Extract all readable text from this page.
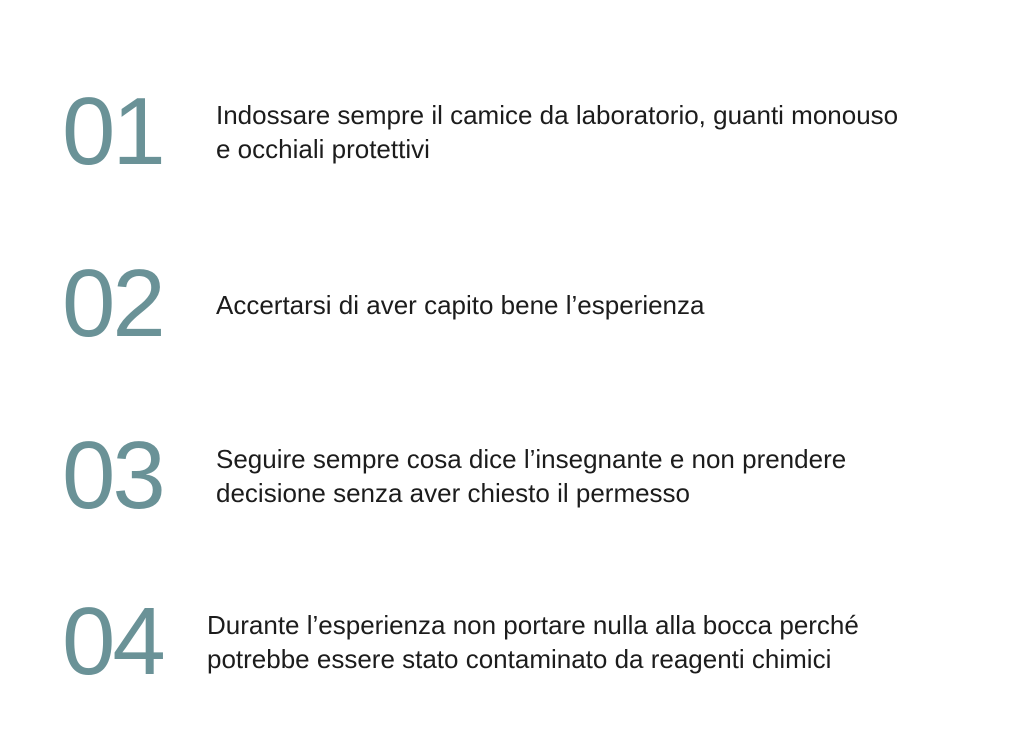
01 Indossare sempre il camice da laboratorio, guanti monouso
e occhiali protettivi
02 Accertarsi di aver capito bene l’esperienza
03 Seguire sempre cosa dice l’insegnante e non prendere
decisione senza aver chiesto il permesso
04 Durante l’esperienza non portare nulla alla bocca perché
potrebbe essere stato contaminato da reagenti chimici
